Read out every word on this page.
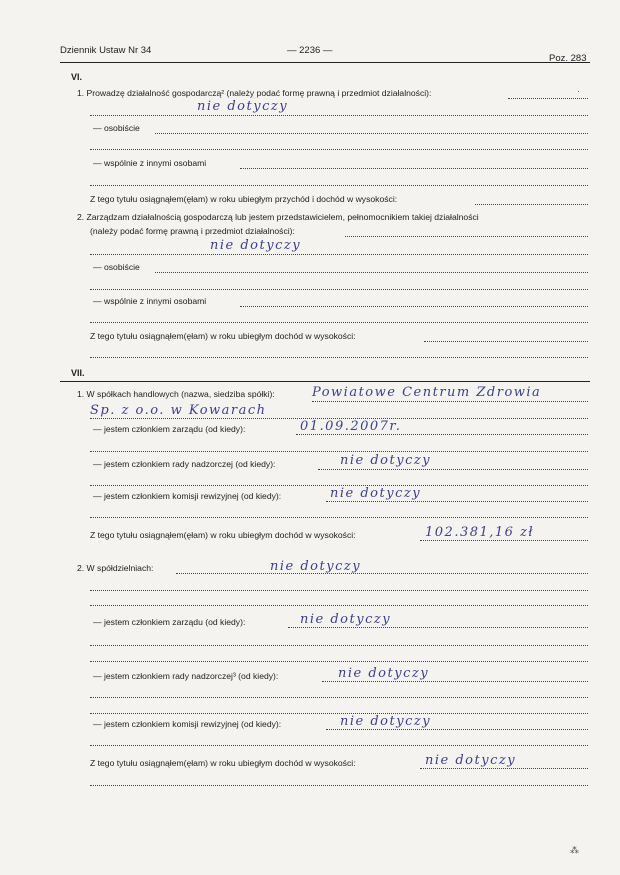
Dziennik Ustaw Nr 34	— 2236 —
Poz. 283
VI.
1. Prowadzę działalność gospodarczą² (należy podać formę prawną i przedmiot działalności):
nie dotyczy
— osobiście
— wspólnie z innymi osobami
Z tego tytułu osiągnąłem(ęłam) w roku ubiegłym przychód i dochód w wysokości:
2. Zarządzam działalnością gospodarczą lub jestem przedstawicielem, pełnomocnikiem takiej działalności
(należy podać formę prawną i przedmiot działalności):
nie dotyczy
— osobiście
— wspólnie z innymi osobami
Z tego tytułu osiągnąłem(ęłam) w roku ubiegłym dochód w wysokości:
VII.
1. W spółkach handlowych (nazwa, siedziba spółki):	Powiatowe Centrum Zdrowia
Sp. z o.o. w Kowarach
— jestem członkiem zarządu (od kiedy):	01.09.2007r.
— jestem członkiem rady nadzorczej (od kiedy):	nie dotyczy
— jestem członkiem komisji rewizyjnej (od kiedy):	nie dotyczy
Z tego tytułu osiągnąłem(ęłam) w roku ubiegłym dochód w wysokości:	102.381,16 zł
2. W spółdzielniach:	nie dotyczy
— jestem członkiem zarządu (od kiedy):	nie dotyczy
— jestem członkiem rady nadzorczej³ (od kiedy):	nie dotyczy
— jestem członkiem komisji rewizyjnej (od kiedy):	nie dotyczy
Z tego tytułu osiągnąłem(ęłam) w roku ubiegłym dochód w wysokości:	nie dotyczy
·
⁂
